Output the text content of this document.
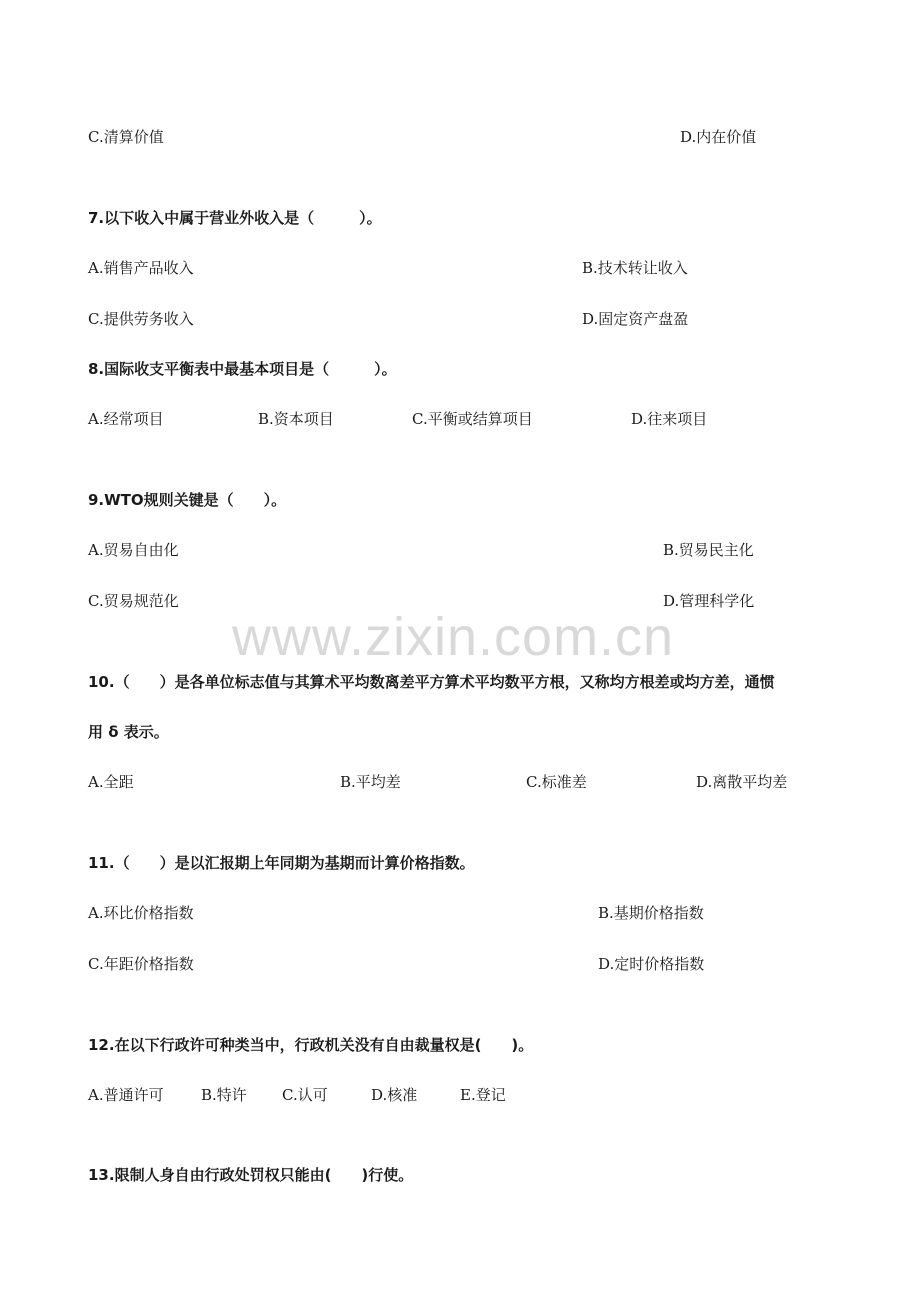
www.zixin.com.cn
C.清算价值	D.内在价值
7.以下收入中属于营业外收入是（　　　）。
A.销售产品收入	B.技术转让收入
C.提供劳务收入	D.固定资产盘盈
8.国际收支平衡表中最基本项目是（　　　）。
A.经常项目	B.资本项目	C.平衡或结算项目	D.往来项目
9.WTO规则关键是（　　）。
A.贸易自由化	B.贸易民主化
C.贸易规范化	D.管理科学化
10.（　　）是各单位标志值与其算术平均数离差平方算术平均数平方根，又称均方根差或均方差，通惯
用 δ 表示。
A.全距	B.平均差	C.标准差	D.离散平均差
11.（　　）是以汇报期上年同期为基期而计算价格指数。
A.环比价格指数	B.基期价格指数
C.年距价格指数	D.定时价格指数
12.在以下行政许可种类当中，行政机关没有自由裁量权是(　　)。
A.普通许可 B.特许 C.认可	D.核准	E.登记
13.限制人身自由行政处罚权只能由(　　)行使。
